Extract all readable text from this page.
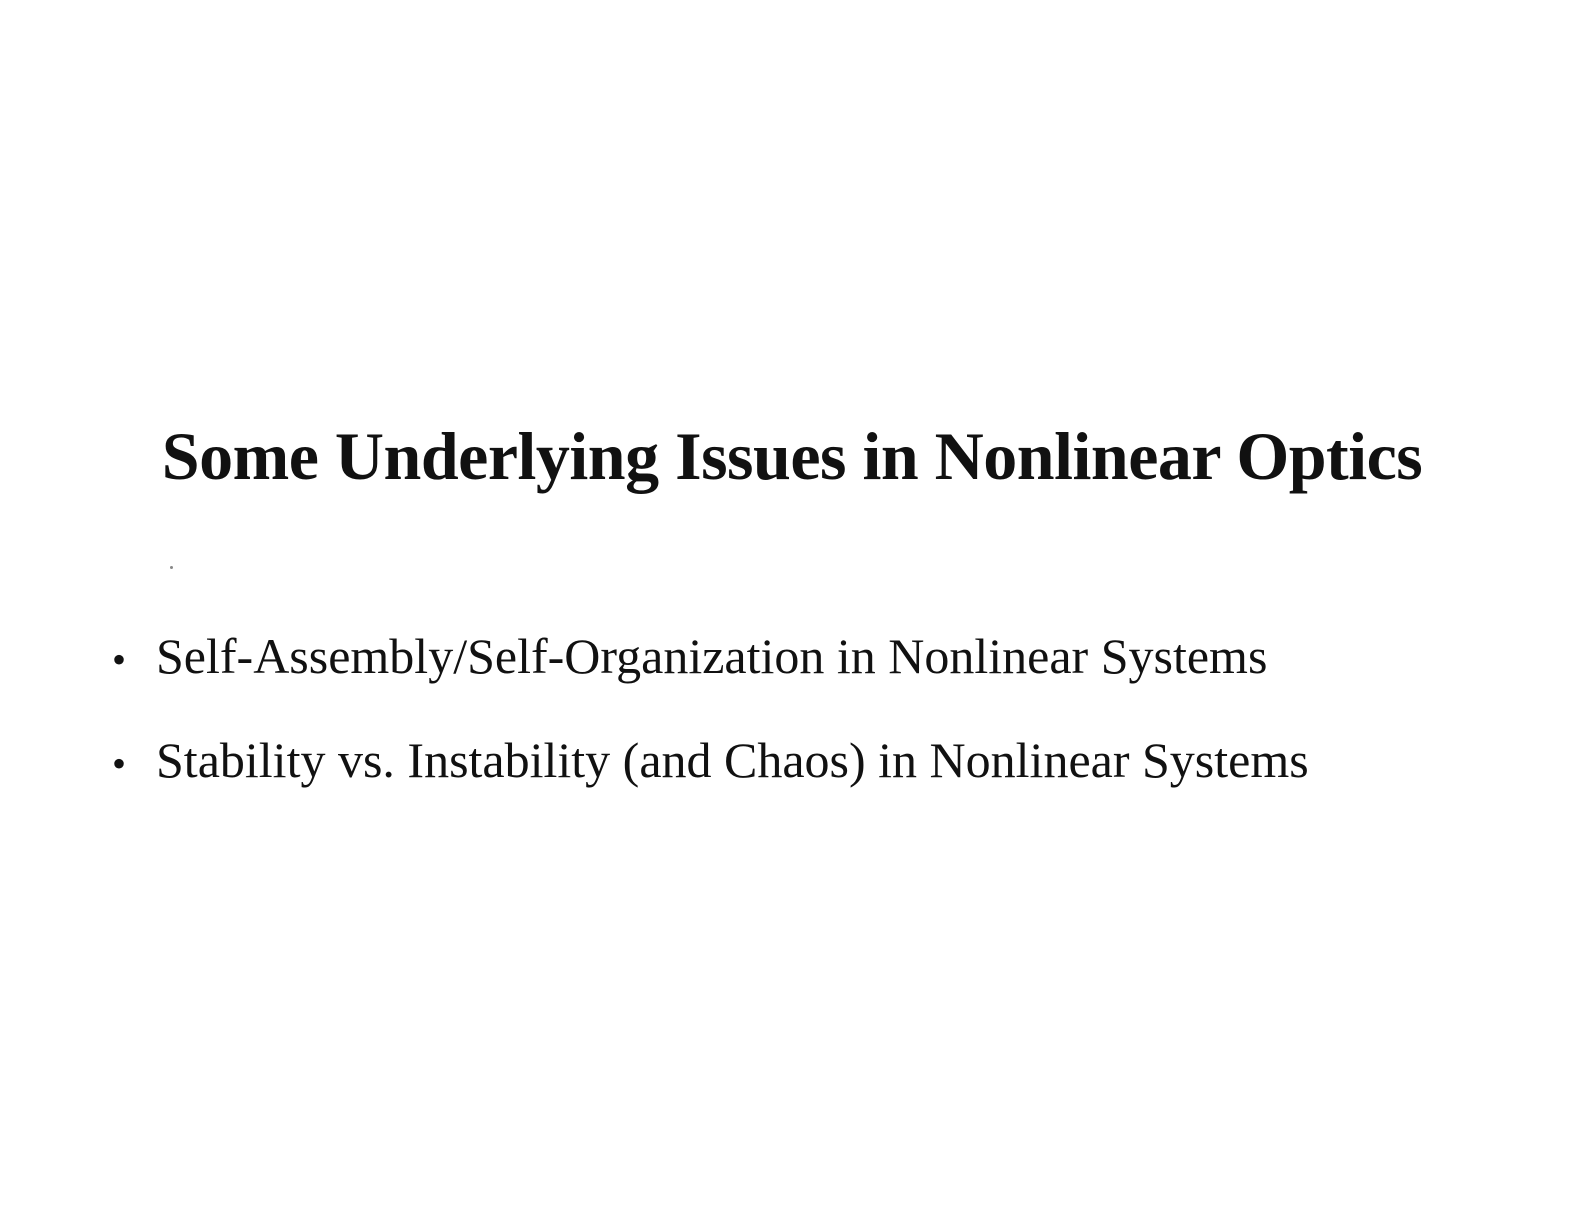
Some Underlying Issues in Nonlinear Optics
• Self-Assembly/Self-Organization in Nonlinear Systems
• Stability vs. Instability (and Chaos) in Nonlinear Systems
